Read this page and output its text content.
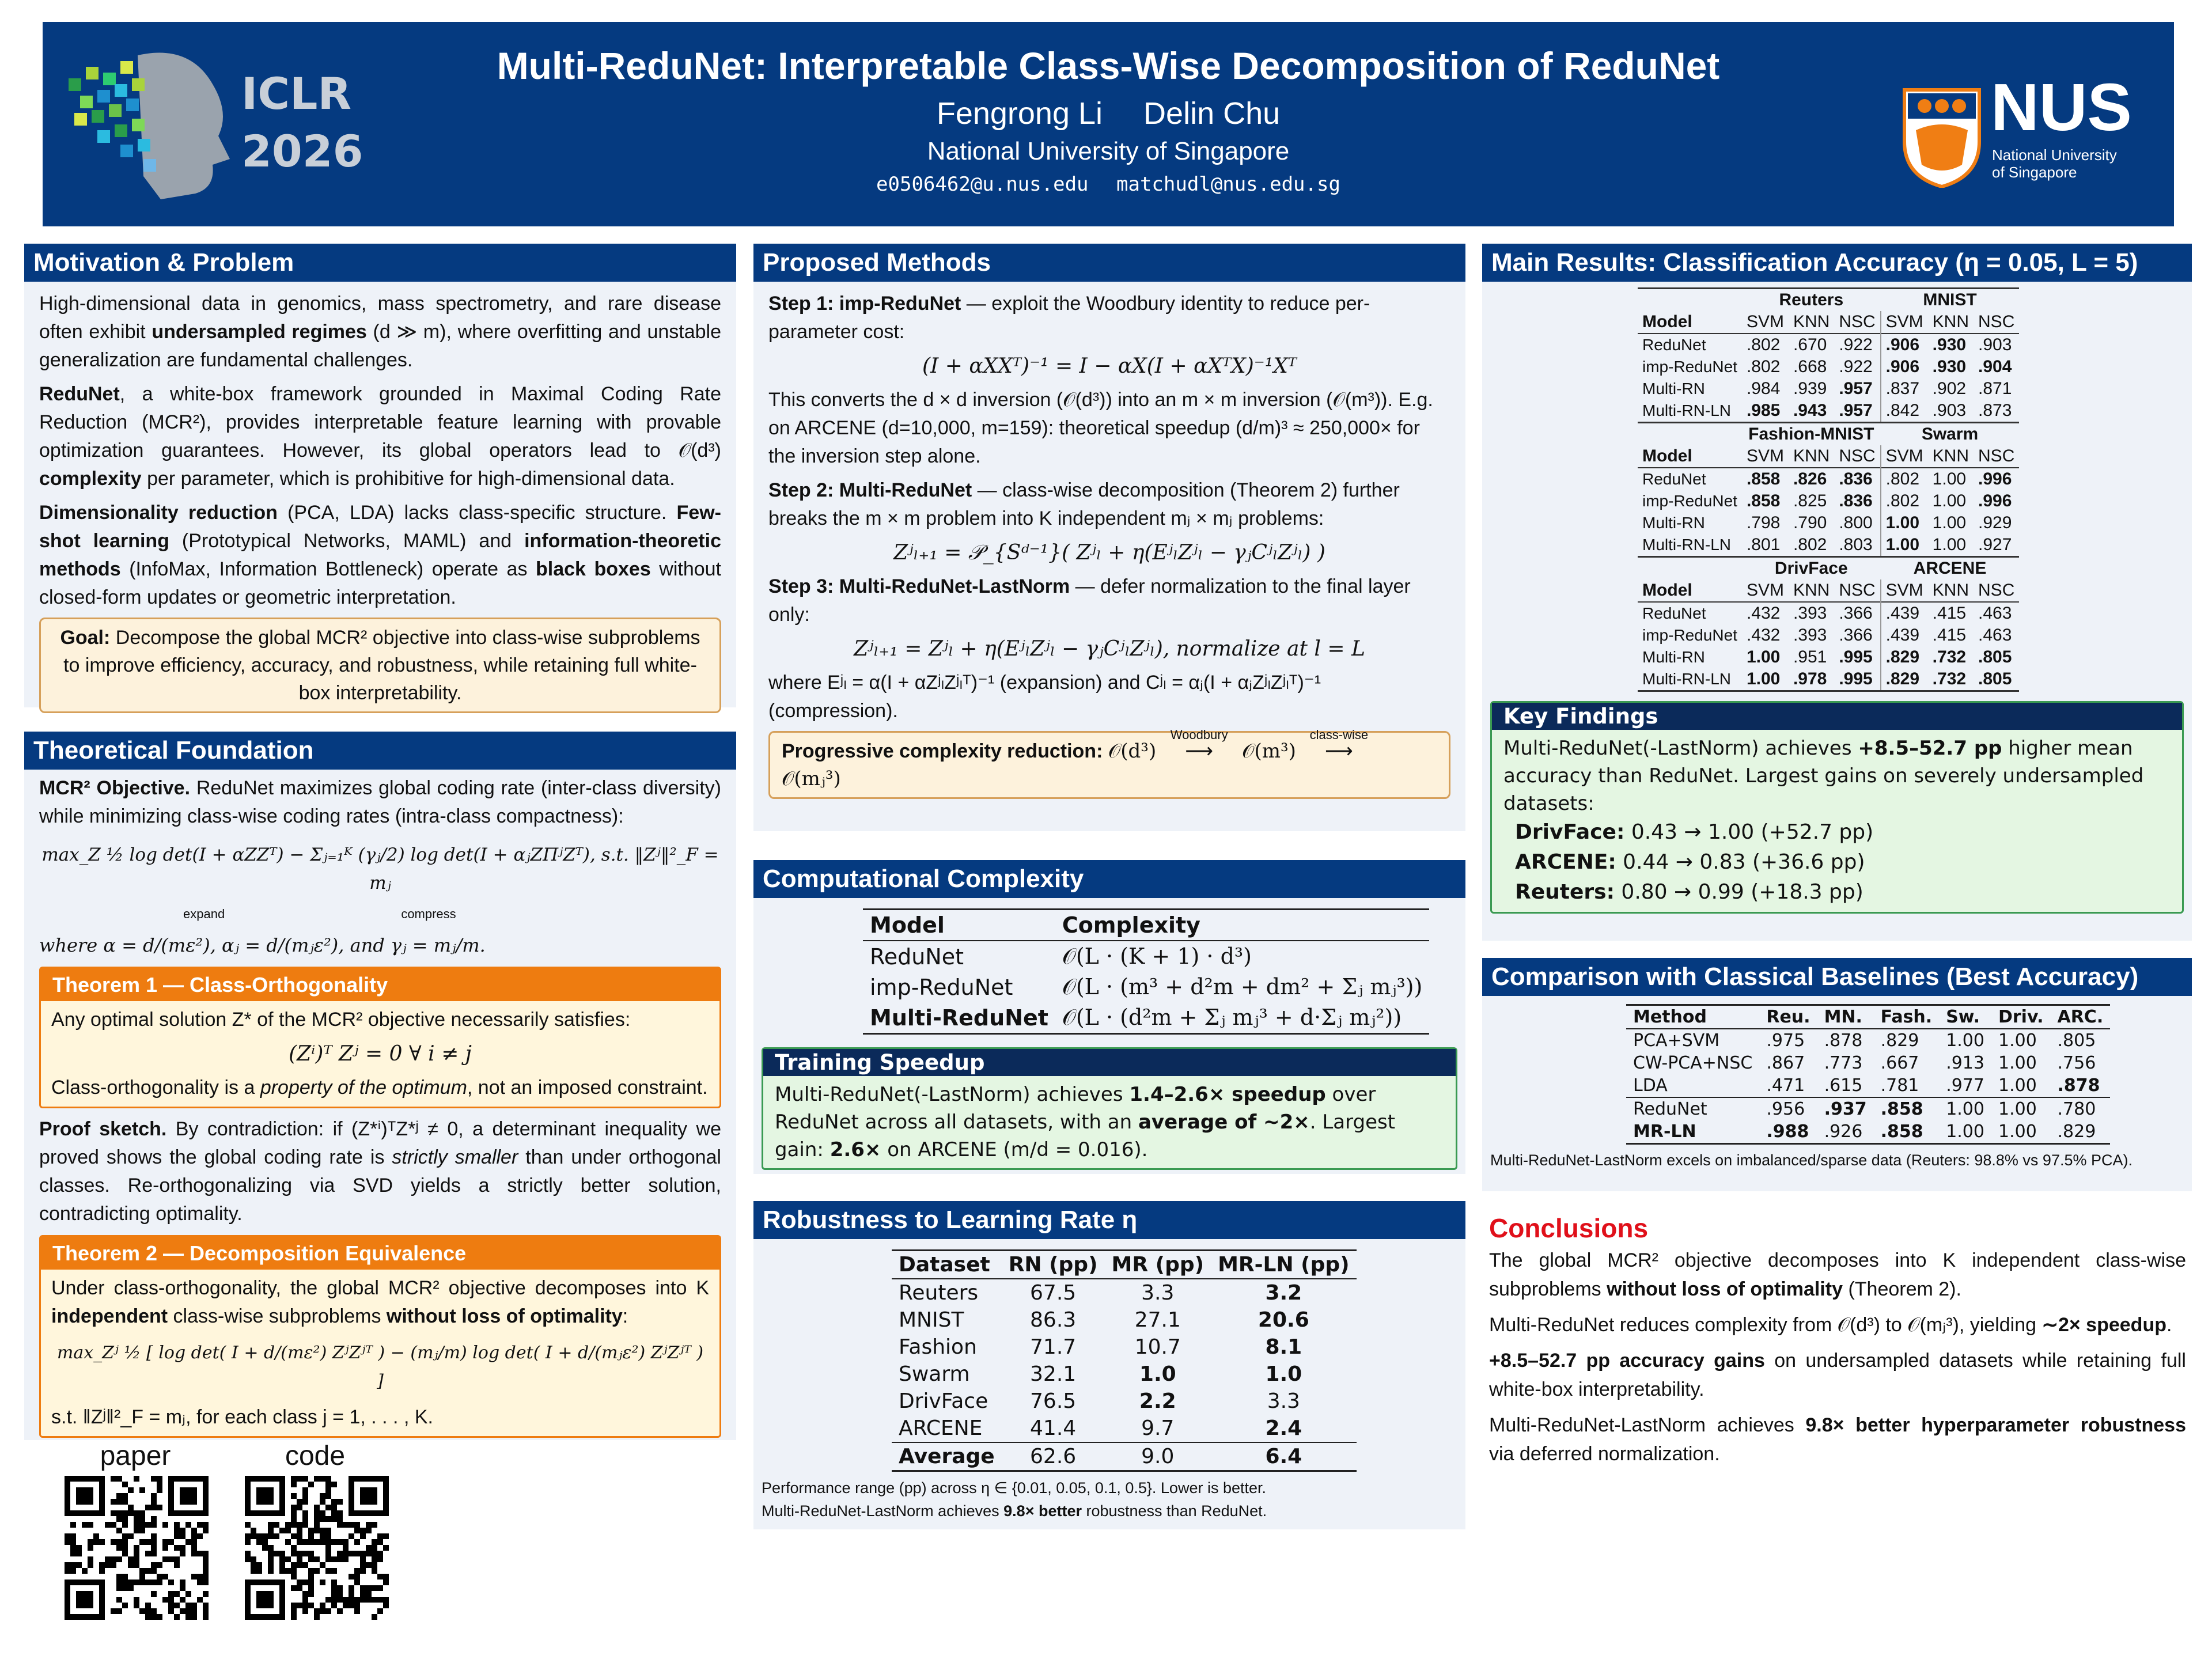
ICLR
2026
Multi-ReduNet: Interpretable Class-Wise Decomposition of ReduNet
Fengrong Li Delin Chu
National University of Singapore
e0506462@u.nus.edu matchudl@nus.edu.sg
NUS
National University
of Singapore
Motivation & Problem

High-dimensional data in genomics, mass spectrometry, and rare disease often exhibit undersampled regimes (d ≫ m), where overfitting and unstable generalization are fundamental challenges.

ReduNet, a white-box framework grounded in Maximal Coding Rate Reduction (MCR²), provides interpretable feature learning with provable optimization guarantees. However, its global operators lead to 𝒪(d³) complexity per parameter, which is prohibitive for high-dimensional data.

Dimensionality reduction (PCA, LDA) lacks class-specific structure. Few-shot learning (Prototypical Networks, MAML) and information-theoretic methods (InfoMax, Information Bottleneck) operate as black boxes without closed-form updates or geometric interpretation.

Goal: Decompose the global MCR² objective into class-wise subproblems to improve efficiency, accuracy, and robustness, while retaining full white-box interpretability.
Theoretical Foundation

MCR² Objective. ReduNet maximizes global coding rate (inter-class diversity) while minimizing class-wise coding rates (intra-class compactness):

max_Z ½ log det(I + αZZᵀ) − Σⱼ₌₁ᴷ (γⱼ/2) log det(I + αⱼZΠʲZᵀ), s.t. ‖Zʲ‖²_F = mⱼ
expand	compress
where α = d/(mε²), αⱼ = d/(mⱼε²), and γⱼ = mⱼ/m.
Theorem 1 — Class-Orthogonality
Any optimal solution Z* of the MCR² objective necessarily satisfies:
(Zⁱ)ᵀ Zʲ = 0 ∀ i ≠ j
Class-orthogonality is a property of the optimum, not an imposed constraint.

Proof sketch. By contradiction: if (Z*ⁱ)ᵀZ*ʲ ≠ 0, a determinant inequality we proved shows the global coding rate is strictly smaller than under orthogonal classes. Re-orthogonalizing via SVD yields a strictly better solution, contradicting optimality.

Theorem 2 — Decomposition Equivalence
Under class-orthogonality, the global MCR² objective decomposes into K independent class-wise subproblems without loss of optimality:
max_Zʲ ½ [ log det( I + d/(mε²) ZʲZʲᵀ ) − (mⱼ/m) log det( I + d/(mⱼε²) ZʲZʲᵀ ) ]
s.t. ‖Zʲ‖²_F = mⱼ, for each class j = 1, . . . , K.
paper	code
Proposed Methods

Step 1: imp-ReduNet — exploit the Woodbury identity to reduce per-parameter cost:

(I + αXXᵀ)⁻¹ = I − αX(I + αXᵀX)⁻¹Xᵀ

This converts the d × d inversion (𝒪(d³)) into an m × m inversion (𝒪(m³)). E.g. on ARCENE (d=10,000, m=159): theoretical speedup (d/m)³ ≈ 250,000× for the inversion step alone.

Step 2: Multi-ReduNet — class-wise decomposition (Theorem 2) further breaks the m × m problem into K independent mⱼ × mⱼ problems:

Zʲₗ₊₁ = 𝒫_{Sᵈ⁻¹}( Zʲₗ + η(EʲₗZʲₗ − γⱼCʲₗZʲₗ) )

Step 3: Multi-ReduNet-LastNorm — defer normalization to the final layer only:

Zʲₗ₊₁ = Zʲₗ + η(EʲₗZʲₗ − γⱼCʲₗZʲₗ), normalize at l = L

where Eʲₗ = α(I + αZʲₗZʲₗᵀ)⁻¹ (expansion) and Cʲₗ = αⱼ(I + αⱼZʲₗZʲₗᵀ)⁻¹ (compression).

Progressive complexity reduction: 𝒪(d³)
Woodbury
⟶ 𝒪(m³)
class-wise
⟶ 𝒪(mⱼ³)
Computational Complexity
Model	Complexity
ReduNet	𝒪(L · (K + 1) · d³)
imp-ReduNet	𝒪(L · (m³ + d²m + dm² + Σⱼ mⱼ³))
Multi-ReduNet	𝒪(L · (d²m + Σⱼ mⱼ³ + d·Σⱼ mⱼ²))
Training Speedup
Multi-ReduNet(-LastNorm) achieves 1.4–2.6× speedup over ReduNet across all datasets, with an average of ∼2×. Largest gain: 2.6× on ARCENE (m/d = 0.016).
Robustness to Learning Rate η
Dataset	RN (pp)	MR (pp)	MR-LN (pp)
Reuters	67.5	3.3	3.2
MNIST	86.3	27.1	20.6
Fashion	71.7	10.7	8.1
Swarm	32.1	1.0	1.0
DrivFace	76.5	2.2	3.3
ARCENE	41.4	9.7	2.4
Average	62.6	9.0	6.4
Performance range (pp) across η ∈ {0.01, 0.05, 0.1, 0.5}. Lower is better.
Multi-ReduNet-LastNorm achieves 9.8× better robustness than ReduNet.
Main Results: Classification Accuracy (η = 0.05, L = 5)
	Reuters			MNIST		
Model	SVM	KNN	NSC	SVM	KNN	NSC
ReduNet	.802	.670	.922	.906	.930	.903
imp-ReduNet	.802	.668	.922	.906	.930	.904
Multi-RN	.984	.939	.957	.837	.902	.871
Multi-RN-LN	.985	.943	.957	.842	.903	.873
	Fashion-MNIST			Swarm		
Model	SVM	KNN	NSC	SVM	KNN	NSC
ReduNet	.858	.826	.836	.802	1.00	.996
imp-ReduNet	.858	.825	.836	.802	1.00	.996
Multi-RN	.798	.790	.800	1.00	1.00	.929
Multi-RN-LN	.801	.802	.803	1.00	1.00	.927
	DrivFace			ARCENE		
Model	SVM	KNN	NSC	SVM	KNN	NSC
ReduNet	.432	.393	.366	.439	.415	.463
imp-ReduNet	.432	.393	.366	.439	.415	.463
Multi-RN	1.00	.951	.995	.829	.732	.805
Multi-RN-LN	1.00	.978	.995	.829	.732	.805
Key Findings
Multi-ReduNet(-LastNorm) achieves +8.5–52.7 pp higher mean accuracy than ReduNet. Largest gains on severely undersampled datasets:
DrivFace: 0.43 → 1.00 (+52.7 pp)
ARCENE: 0.44 → 0.83 (+36.6 pp)
Reuters: 0.80 → 0.99 (+18.3 pp)
Comparison with Classical Baselines (Best Accuracy)
Method	Reu.	MN.	Fash.	Sw.	Driv.	ARC.
PCA+SVM	.975	.878	.829	1.00	1.00	.805
CW-PCA+NSC	.867	.773	.667	.913	1.00	.756
LDA	.471	.615	.781	.977	1.00	.878
ReduNet	.956	.937	.858	1.00	1.00	.780
MR-LN	.988	.926	.858	1.00	1.00	.829
Multi-ReduNet-LastNorm excels on imbalanced/sparse data (Reuters: 98.8% vs 97.5% PCA).
Conclusions

The global MCR² objective decomposes into K independent class-wise subproblems without loss of optimality (Theorem 2).

Multi-ReduNet reduces complexity from 𝒪(d³) to 𝒪(mⱼ³), yielding ∼2× speedup.

+8.5–52.7 pp accuracy gains on undersampled datasets while retaining full white-box interpretability.

Multi-ReduNet-LastNorm achieves 9.8× better hyperparameter robustness via deferred normalization.
